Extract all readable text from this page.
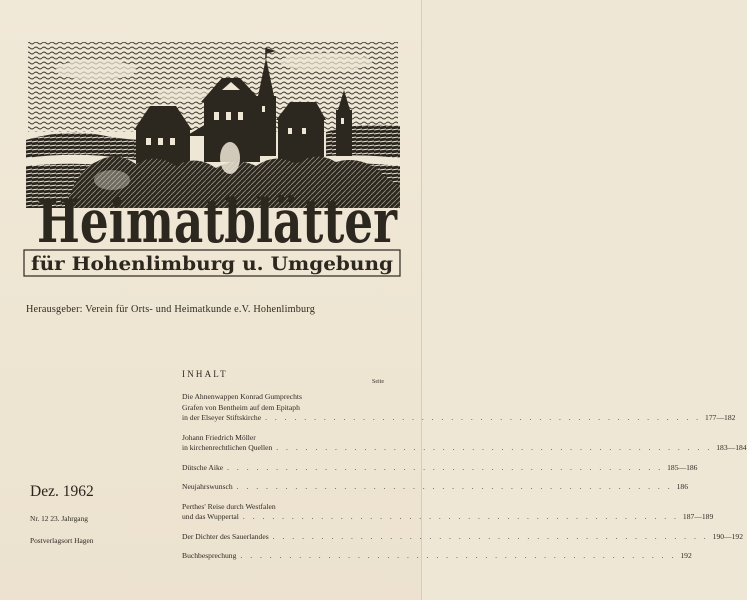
Heimatblätter
für Hohenlimburg u. Umgebung
Herausgeber: Verein für Orts- und Heimatkunde e.V. Hohenlimburg
INHALT
Seite
Die Ahnenwappen Konrad Gumprechts
Grafen von Bentheim auf dem Epitaph
in der Elseyer Stiftskirche . . .	177—182
Johann Friedrich Möller
in kirchenrechtlichen Quellen . . .	183—184
Dütsche Aike . . .	185—186
Neujahrswunsch . . .	186
Perthes' Reise durch Westfalen
und das Wuppertal . . .	187—189
Der Dichter des Sauerlandes . . .	190—192
Buchbesprechung . . .	192
Dez. 1962
Nr. 12 23. Jahrgang
Postverlagsort Hagen
